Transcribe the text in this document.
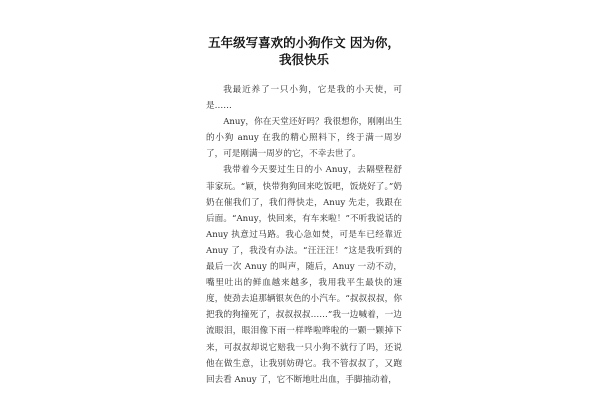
五年级写喜欢的小狗作文 因为你，我很快乐

我最近养了一只小狗，它是我的小天使，可是……

Anuy，你在天堂还好吗？我很想你，刚刚出生的小狗 anuy 在我的精心照料下，终于满一周岁了，可是刚满一周岁的它，不幸去世了。

我带着今天要过生日的小 Anuy，去隔壁程舒菲家玩。“颖，快带狗狗回来吃饭吧，饭烧好了。”奶奶在催我们了，我们得快走，Anuy 先走，我跟在后面。“Anuy，快回来，有车来啦！”不听我说话的 Anuy 执意过马路。我心急如焚，可是车已经靠近 Anuy 了，我没有办法。“汪汪汪！”这是我听到的最后一次 Anuy 的叫声，随后，Anuy 一动不动，嘴里吐出的鲜血越来越多，我用我平生最快的速度，使劲去追那辆银灰色的小汽车。“叔叔叔叔，你把我的狗撞死了，叔叔叔叔……”我一边喊着，一边流眼泪，眼泪像下雨一样哗啦哗啦的一颗一颗掉下来，可叔叔却说它赔我一只小狗不就行了吗，还说他在做生意，让我别妨碍它。我不管叔叔了，又跑回去看 Anuy 了，它不断地吐出血，手脚抽动着，
